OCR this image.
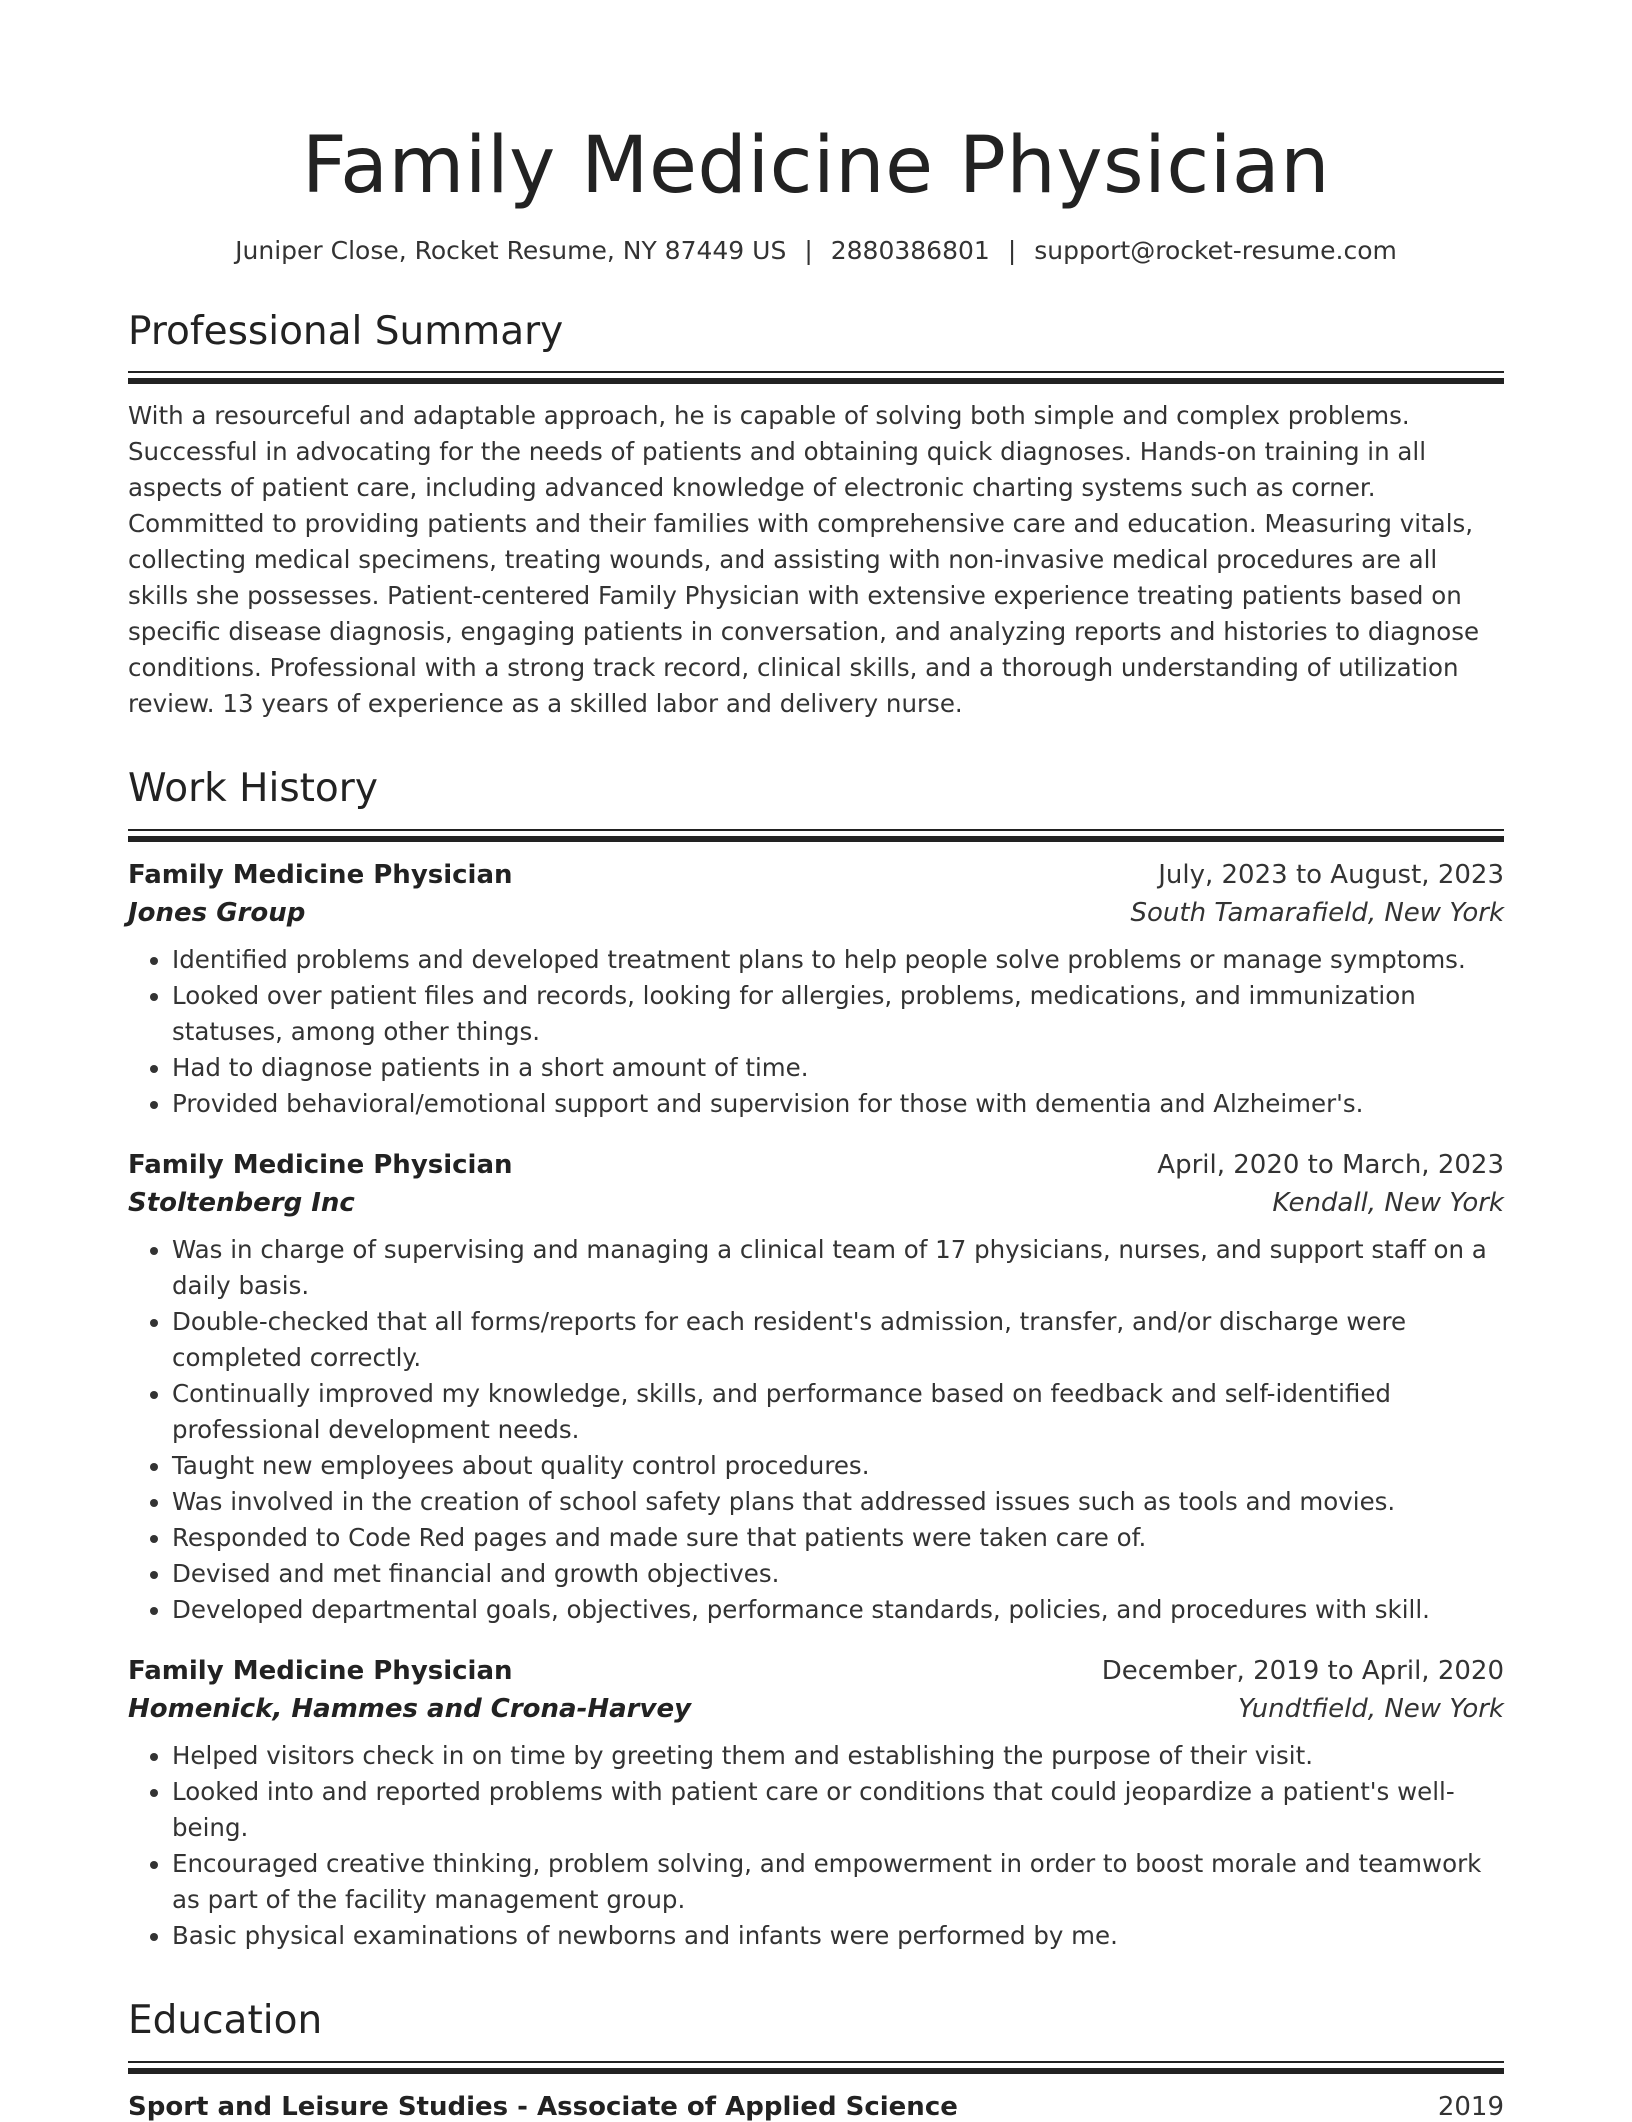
Family Medicine Physician
Juniper Close, Rocket Resume, NY 87449 US | 2880386801 | support@rocket-resume.com
Professional Summary
With a resourceful and adaptable approach, he is capable of solving both simple and complex problems. Successful in advocating for the needs of patients and obtaining quick diagnoses. Hands-on training in all aspects of patient care, including advanced knowledge of electronic charting systems such as corner. Committed to providing patients and their families with comprehensive care and education. Measuring vitals, collecting medical specimens, treating wounds, and assisting with non-invasive medical procedures are all skills she possesses. Patient-centered Family Physician with extensive experience treating patients based on specific disease diagnosis, engaging patients in conversation, and analyzing reports and histories to diagnose conditions. Professional with a strong track record, clinical skills, and a thorough understanding of utilization review. 13 years of experience as a skilled labor and delivery nurse.
Work History
Family Medicine Physician	July, 2023 to August, 2023
Jones Group	South Tamarafield, New York
• Identified problems and developed treatment plans to help people solve problems or manage symptoms.
• Looked over patient files and records, looking for allergies, problems, medications, and immunization statuses, among other things.
• Had to diagnose patients in a short amount of time.
• Provided behavioral/emotional support and supervision for those with dementia and Alzheimer's.
Family Medicine Physician	April, 2020 to March, 2023
Stoltenberg Inc	Kendall, New York
• Was in charge of supervising and managing a clinical team of 17 physicians, nurses, and support staff on a daily basis.
• Double-checked that all forms/reports for each resident's admission, transfer, and/or discharge were completed correctly.
• Continually improved my knowledge, skills, and performance based on feedback and self-identified professional development needs.
• Taught new employees about quality control procedures.
• Was involved in the creation of school safety plans that addressed issues such as tools and movies.
• Responded to Code Red pages and made sure that patients were taken care of.
• Devised and met financial and growth objectives.
• Developed departmental goals, objectives, performance standards, policies, and procedures with skill.
Family Medicine Physician	December, 2019 to April, 2020
Homenick, Hammes and Crona-Harvey	Yundtfield, New York
• Helped visitors check in on time by greeting them and establishing the purpose of their visit.
• Looked into and reported problems with patient care or conditions that could jeopardize a patient's well-being.
• Encouraged creative thinking, problem solving, and empowerment in order to boost morale and teamwork as part of the facility management group.
• Basic physical examinations of newborns and infants were performed by me.
Education
Sport and Leisure Studies - Associate of Applied Science	2019
